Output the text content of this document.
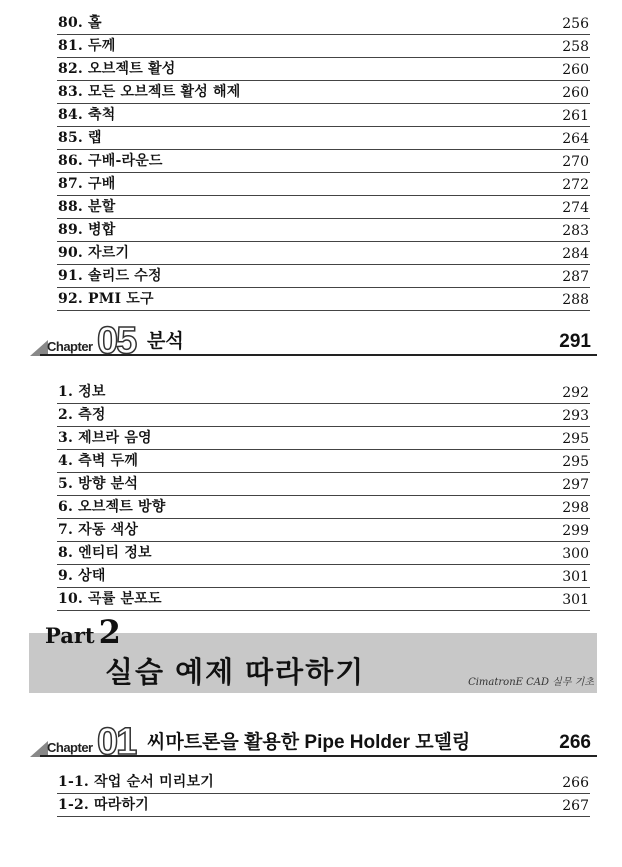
80. 홀	256
81. 두께	258
82. 오브젝트 활성	260
83. 모든 오브젝트 활성 해제	260
84. 축척	261
85. 랩	264
86. 구배-라운드	270
87. 구배	272
88. 분할	274
89. 병합	283
90. 자르기	284
91. 솔리드 수정	287
92. PMI 도구	288
Chapter 05 분석	291
1. 정보	292
2. 측정	293
3. 제브라 음영	295
4. 측벽 두께	295
5. 방향 분석	297
6. 오브젝트 방향	298
7. 자동 색상	299
8. 엔티티 정보	300
9. 상태	301
10. 곡률 분포도	301
Part 2
실습 예제 따라하기	CimatronE CAD 실무 기초
Chapter 01 씨마트론을 활용한 Pipe Holder 모델링	266
1-1. 작업 순서 미리보기	266
1-2. 따라하기	267
